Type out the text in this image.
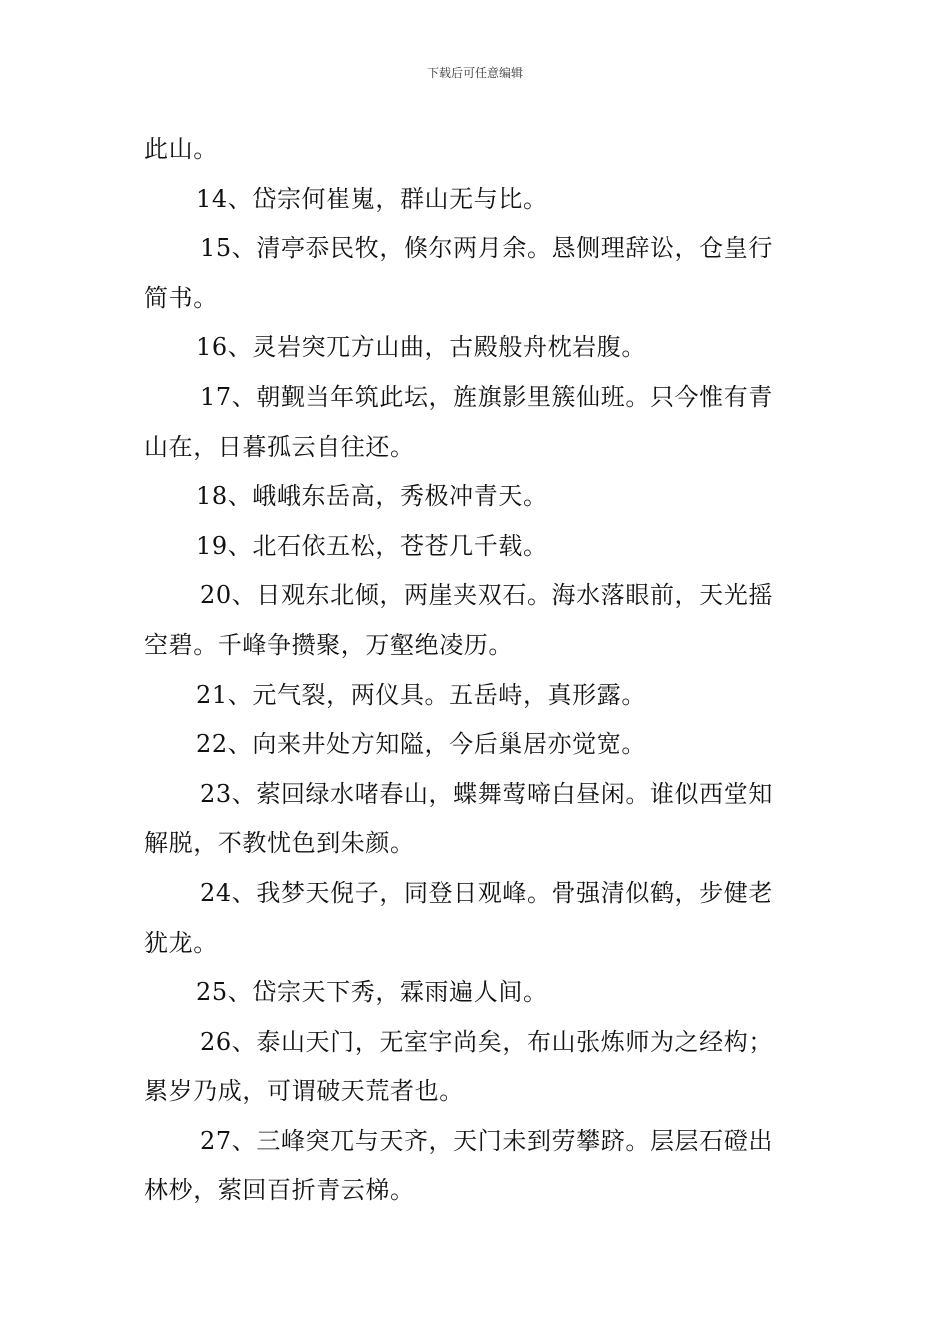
下载后可任意编辑

此山。

14、岱宗何崔嵬，群山无与比。

15、清亭忝民牧，倏尔两月余。恳侧理辞讼，仓皇行

简书。

16、灵岩突兀方山曲，古殿般舟枕岩腹。

17、朝觐当年筑此坛，旌旗影里簇仙班。只今惟有青

山在，日暮孤云自往还。

18、峨峨东岳高，秀极冲青天。

19、北石依五松，苍苍几千载。

20、日观东北倾，两崖夹双石。海水落眼前，天光摇

空碧。千峰争攒聚，万壑绝凌历。

21、元气裂，两仪具。五岳峙，真形露。

22、向来井处方知隘，今后巢居亦觉宽。

23、萦回绿水啫春山，蝶舞莺啼白昼闲。谁似西堂知

解脱，不教忧色到朱颜。

24、我梦天倪子，同登日观峰。骨强清似鹤，步健老

犹龙。

25、岱宗天下秀，霖雨遍人间。

26、泰山天门，无室宇尚矣，布山张炼师为之经构；

累岁乃成，可谓破天荒者也。

27、三峰突兀与天齐，天门未到劳攀跻。层层石磴出

林杪，萦回百折青云梯。
